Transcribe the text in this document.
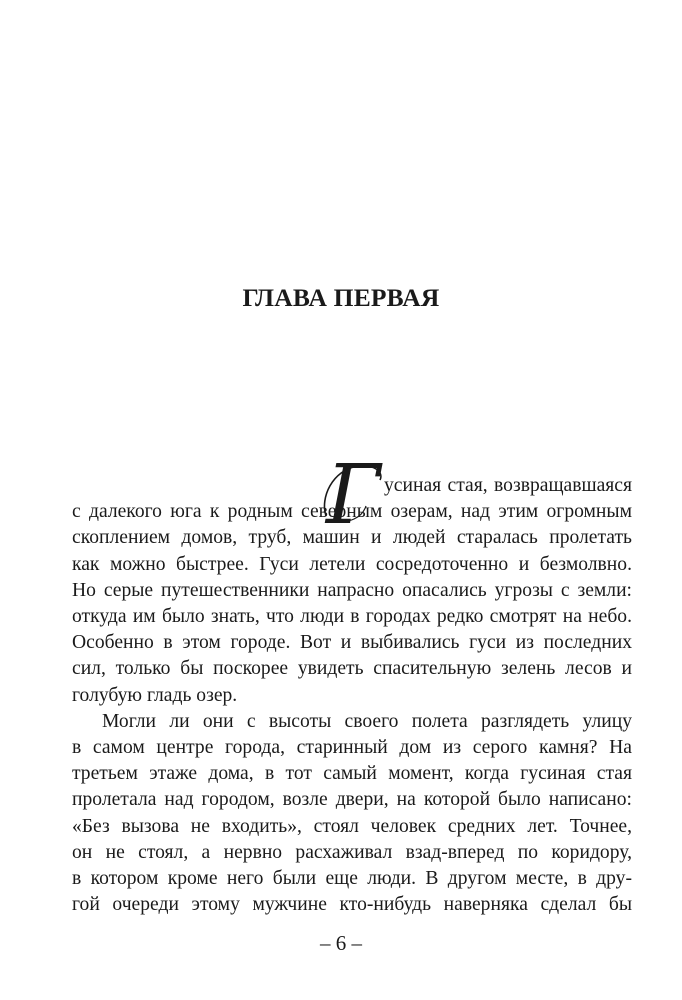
ГЛАВА ПЕРВАЯ
Г усиная стая, возвращавшаяся
с далекого юга к родным северным озерам, над этим огромным
скоплением домов, труб, машин и людей старалась пролетать
как можно быстрее. Гуси летели сосредоточенно и безмолвно.
Но серые путешественники напрасно опасались угрозы с земли:
откуда им было знать, что люди в городах редко смотрят на небо.
Особенно в этом городе. Вот и выбивались гуси из последних
сил, только бы поскорее увидеть спасительную зелень лесов и
голубую гладь озер.
Могли ли они с высоты своего полета разглядеть улицу
в самом центре города, старинный дом из серого камня? На
третьем этаже дома, в тот самый момент, когда гусиная стая
пролетала над городом, возле двери, на которой было написано:
«Без вызова не входить», стоял человек средних лет. Точнее,
он не стоял, а нервно расхаживал взад-вперед по коридору,
в котором кроме него были еще люди. В другом месте, в дру-
гой очереди этому мужчине кто-нибудь наверняка сделал бы
– 6 –
